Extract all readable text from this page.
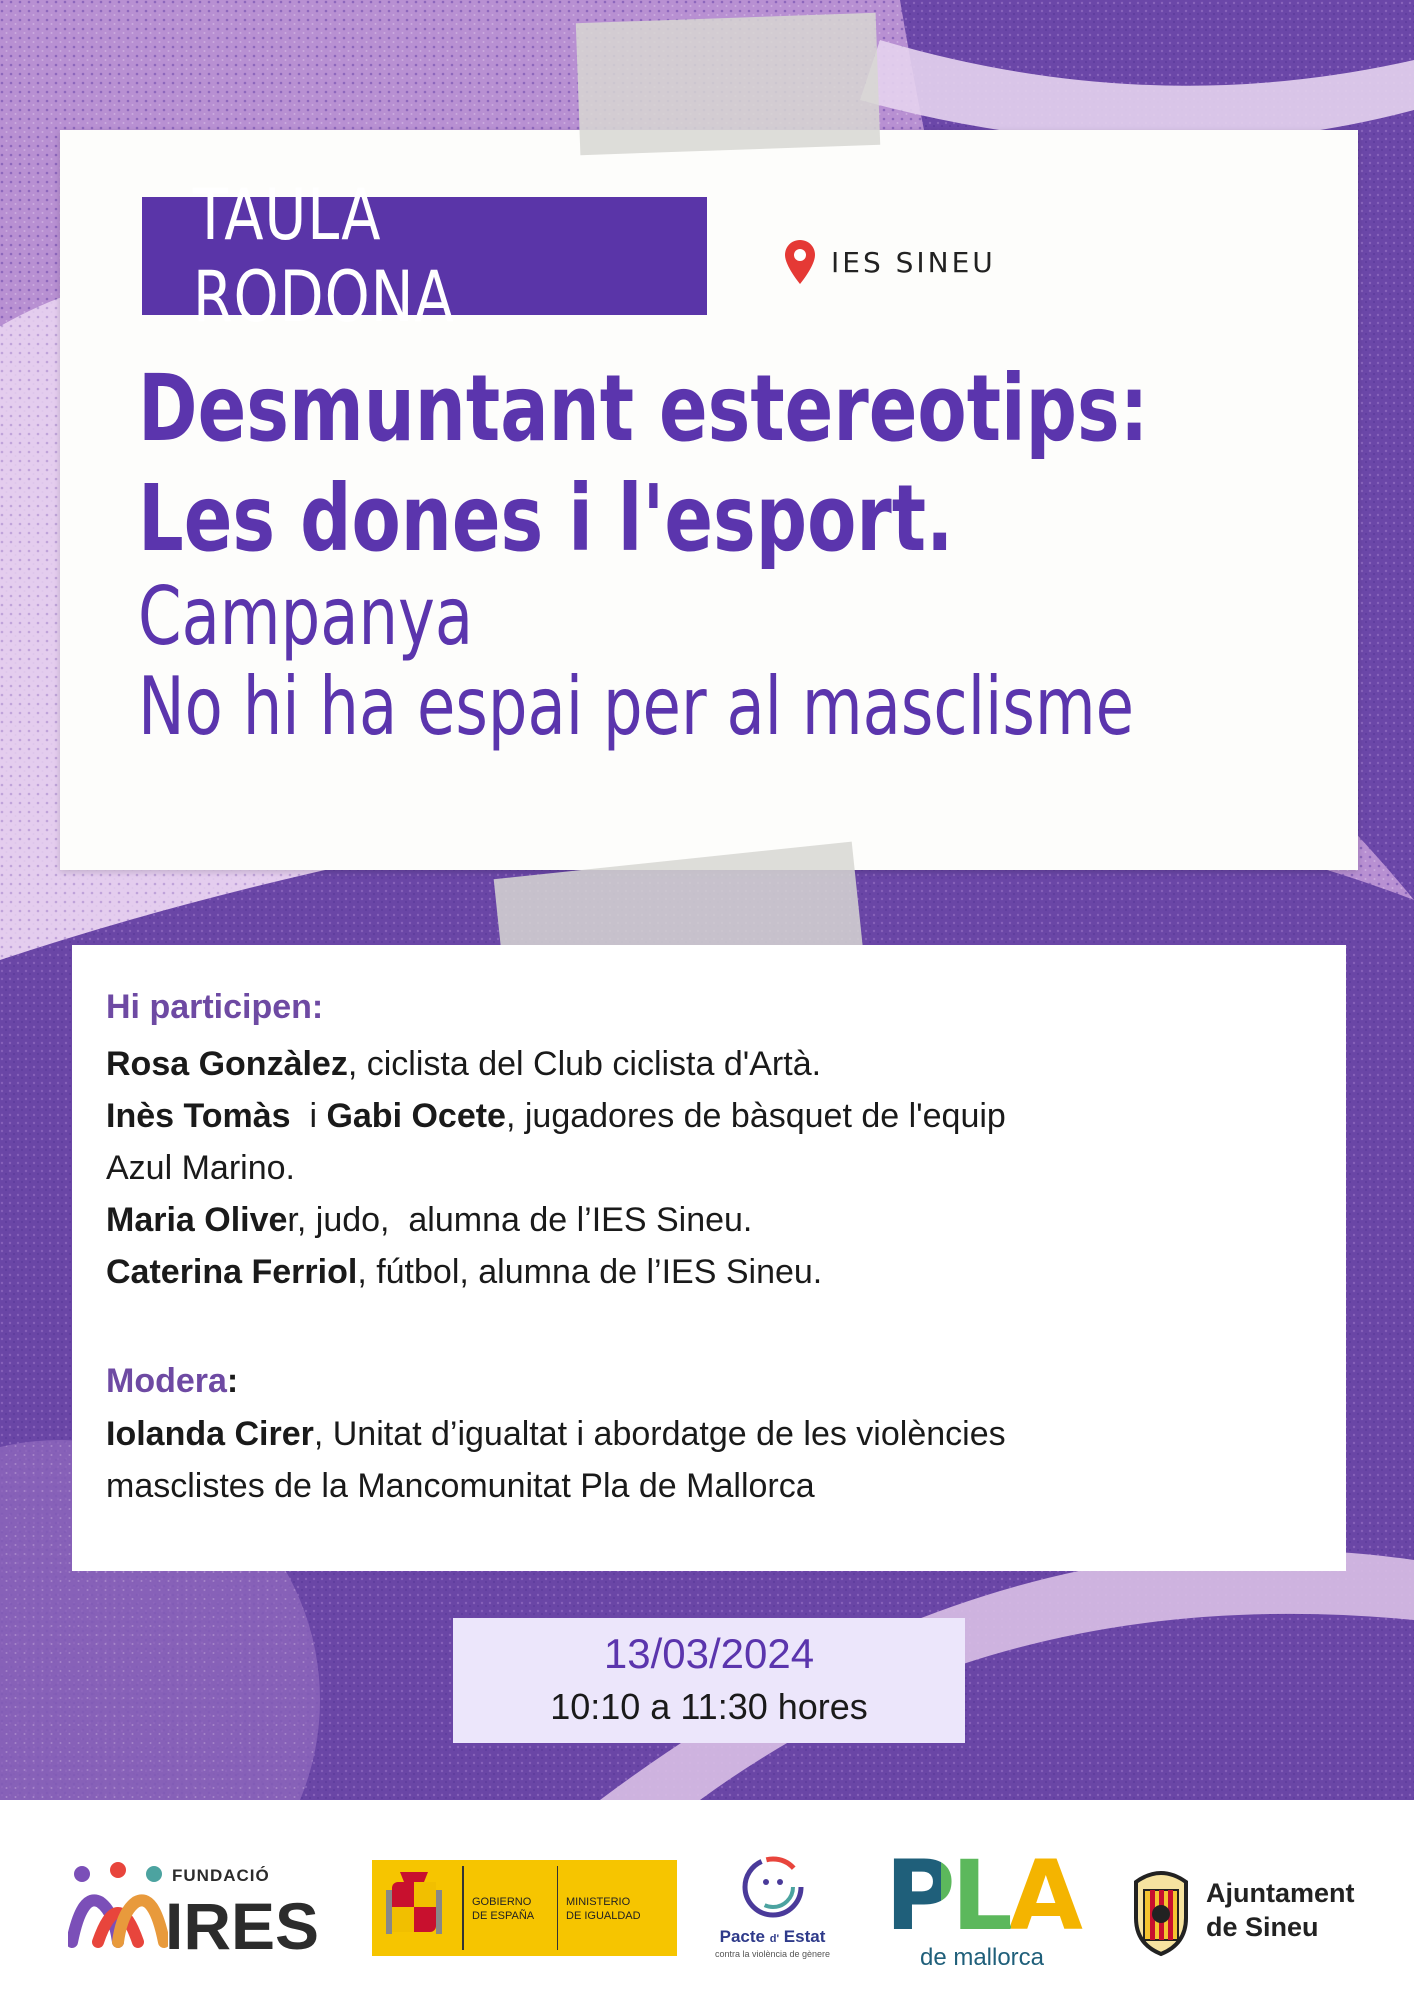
TAULA RODONA	IES SINEU
Desmuntant estereotips:
Les dones i l'esport.
Campanya
No hi ha espai per al masclisme
Hi participen:
Rosa Gonzàlez, ciclista del Club ciclista d'Artà.
Inès Tomàs  i Gabi Ocete, jugadores de bàsquet de l'equip
Azul Marino.
Maria Oliver, judo,  alumna de l’IES Sineu.
Caterina Ferriol, fútbol, alumna de l’IES Sineu.
Modera:
Iolanda Cirer, Unitat d’igualtat i abordatge de les violències
masclistes de la Mancomunitat Pla de Mallorca
13/03/2024
10:10 a 11:30 hores
FUNDACIÓ
IRES	GOBIERNO
DE ESPAÑA
MINISTERIO
DE IGUALDAD
Pacte d' Estat
contra la violència de gènere
PLA
de mallorca
Ajuntament
de Sineu
